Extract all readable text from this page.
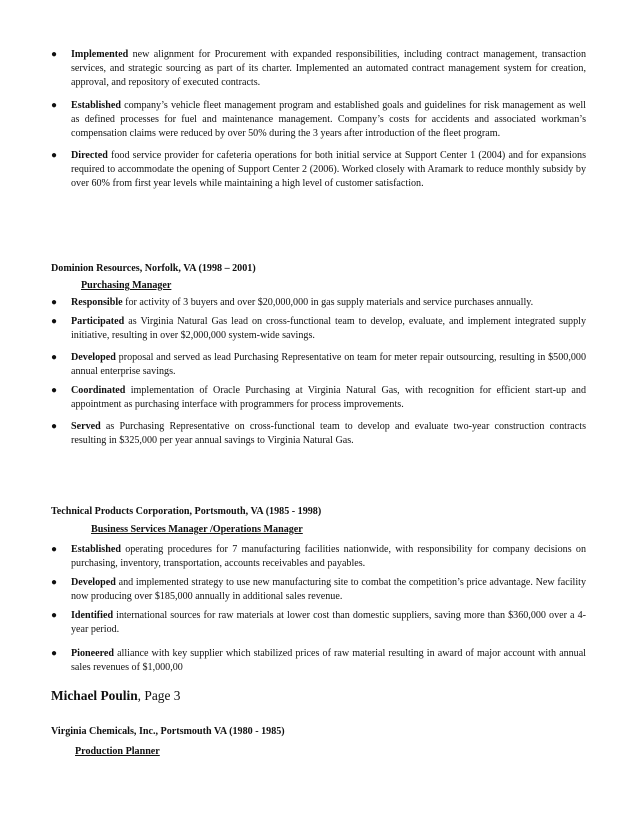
● Implemented new alignment for Procurement with expanded responsibilities, including contract management, transaction services, and strategic sourcing as part of its charter. Implemented an automated contract management system for creation, approval, and repository of executed contracts.
● Established company’s vehicle fleet management program and established goals and guidelines for risk management as well as defined processes for fuel and maintenance management. Company’s costs for accidents and associated workman’s compensation claims were reduced by over 50% during the 3 years after introduction of the fleet program.
● Directed food service provider for cafeteria operations for both initial service at Support Center 1 (2004) and for expansions required to accommodate the opening of Support Center 2 (2006). Worked closely with Aramark to reduce monthly subsidy by over 60% from first year levels while maintaining a high level of customer satisfaction.
Dominion Resources, Norfolk, VA (1998 – 2001)
Purchasing Manager
● Responsible for activity of 3 buyers and over $20,000,000 in gas supply materials and service purchases annually.
● Participated as Virginia Natural Gas lead on cross-functional team to develop, evaluate, and implement integrated supply initiative, resulting in over $2,000,000 system-wide savings.
● Developed proposal and served as lead Purchasing Representative on team for meter repair outsourcing, resulting in $500,000 annual enterprise savings.
● Coordinated implementation of Oracle Purchasing at Virginia Natural Gas, with recognition for efficient start-up and appointment as purchasing interface with programmers for process improvements.
● Served as Purchasing Representative on cross-functional team to develop and evaluate two-year construction contracts resulting in $325,000 per year annual savings to Virginia Natural Gas.
Technical Products Corporation, Portsmouth, VA (1985 - 1998)
Business Services Manager /Operations Manager
● Established operating procedures for 7 manufacturing facilities nationwide, with responsibility for company decisions on purchasing, inventory, transportation, accounts receivables and payables.
● Developed and implemented strategy to use new manufacturing site to combat the competition’s price advantage. New facility now producing over $185,000 annually in additional sales revenue.
● Identified international sources for raw materials at lower cost than domestic suppliers, saving more than $360,000 over a 4-year period.
● Pioneered alliance with key supplier which stabilized prices of raw material resulting in award of major account with annual sales revenues of $1,000,00
Michael Poulin, Page 3
Virginia Chemicals, Inc., Portsmouth VA (1980 - 1985)
Production Planner
